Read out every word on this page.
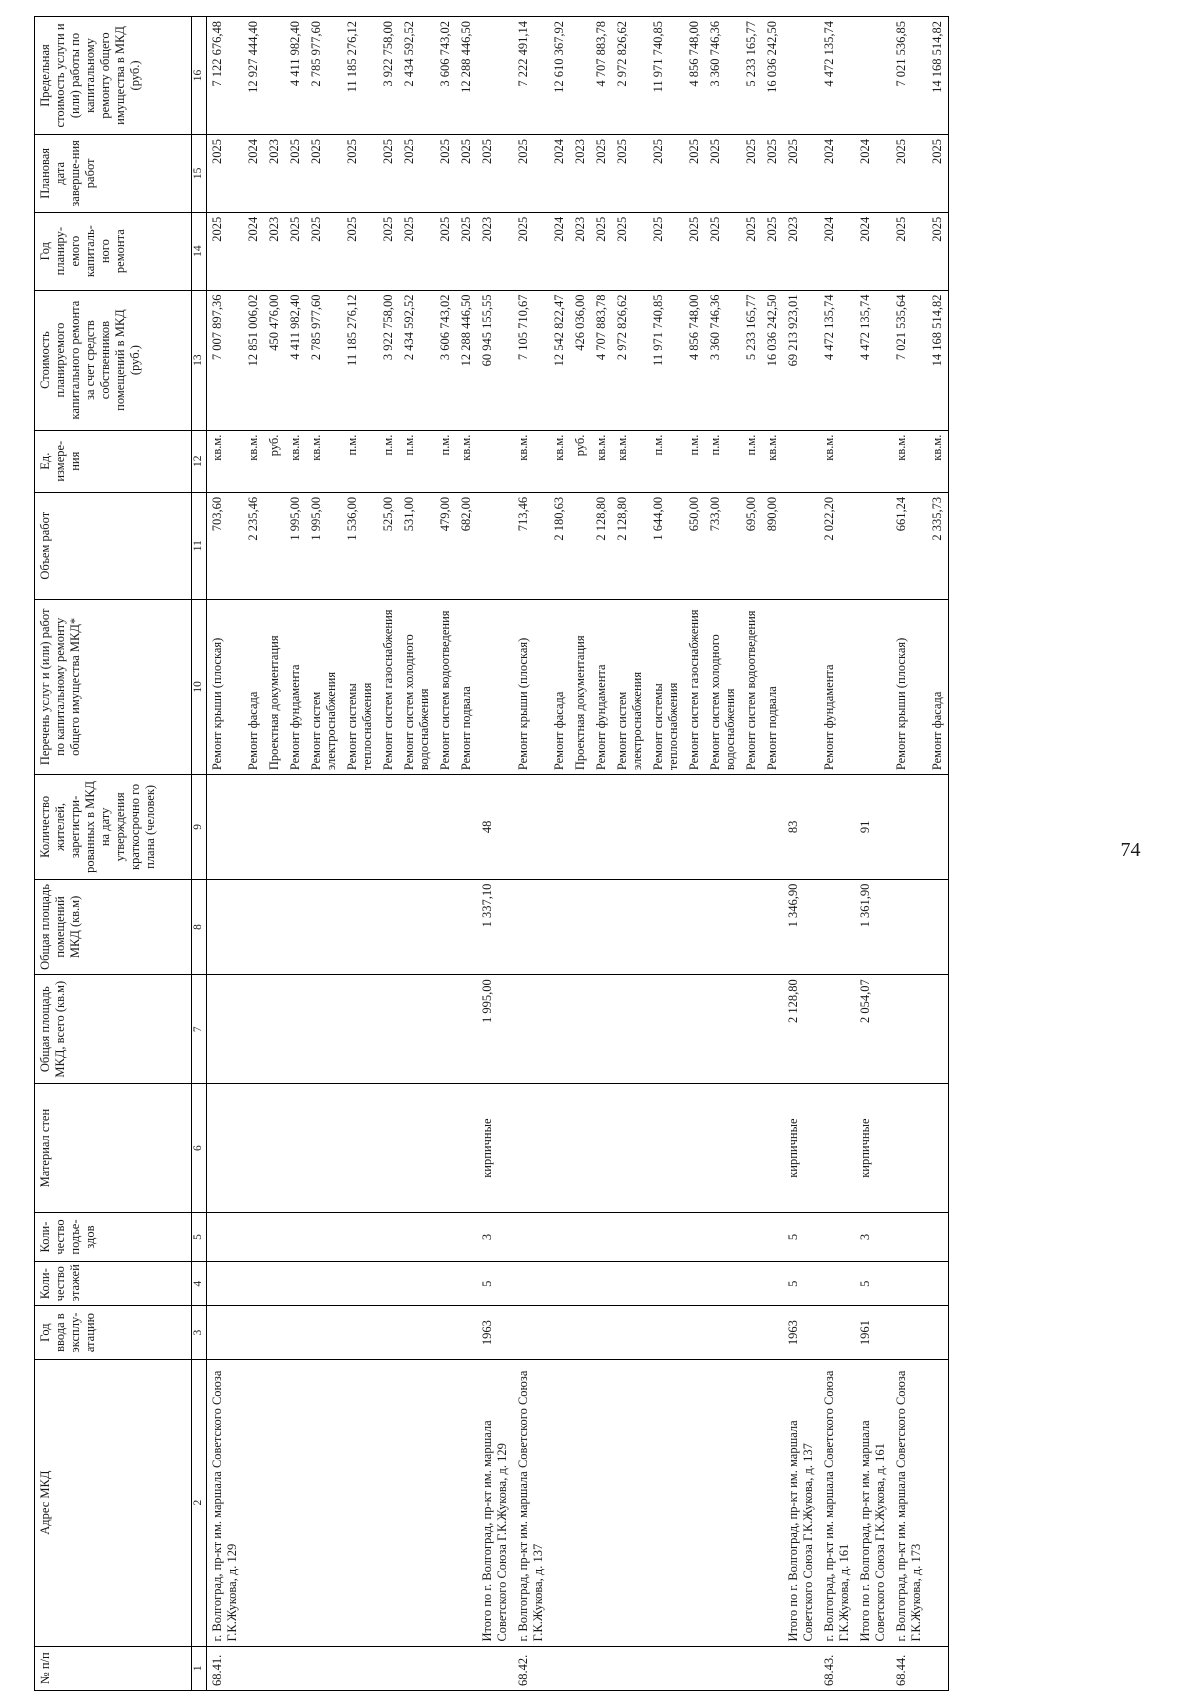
№ п/п	Адрес МКД	Год ввода в эксплу-атацию	Коли-чество этажей	Коли-чество подъе-здов	Материал стен	Общая площадь МКД, всего (кв.м)	Общая площадь помещений МКД (кв.м)	Количество жителей, зарегистри-рованных в МКД на дату утверждения краткосрочно го плана (человек)	Перечень услуг и (или) работ по капитальному ремонту общего имущества МКД*	Объем работ	Ед. измере-ния	Стоимость планируемого капитального ремонта за счет средств собственников помещений в МКД (руб.)	Год планиру-емого капиталь-ного ремонта	Плановая дата заверше-ния работ	Предельная стоимость услуги и (или) работы по капитальному ремонту общего имущества в МКД (руб.)
1	2	3	4	5	6	7	8	9	10	11	12	13	14	15	16
68.41.	г. Волгоград, пр-кт им. маршала Советского Союза Г.К.Жукова, д. 129								Ремонт крыши (плоская)	703,60	кв.м.	7 007 897,36	2025	2025	7 122 676,48
									Ремонт фасада	2 235,46	кв.м.	12 851 006,02	2024	2024	12 927 444,40
									Проектная документация		руб.	450 476,00	2023	2023	
									Ремонт фундамента	1 995,00	кв.м.	4 411 982,40	2025	2025	4 411 982,40
									Ремонт систем электроснабжения	1 995,00	кв.м.	2 785 977,60	2025	2025	2 785 977,60
									Ремонт системы теплоснабжения	1 536,00	п.м.	11 185 276,12	2025	2025	11 185 276,12
									Ремонт систем газоснабжения	525,00	п.м.	3 922 758,00	2025	2025	3 922 758,00
									Ремонт систем холодного водоснабжения	531,00	п.м.	2 434 592,52	2025	2025	2 434 592,52
									Ремонт систем водоотведения	479,00	п.м.	3 606 743,02	2025	2025	3 606 743,02
									Ремонт подвала	682,00	кв.м.	12 288 446,50	2025	2025	12 288 446,50
	Итого по г. Волгоград, пр-кт им. маршала Советского Союза Г.К.Жукова, д. 129	1963	5	3	кирпичные	1 995,00	1 337,10	48				60 945 155,55	2023	2025	
68.42.	г. Волгоград, пр-кт им. маршала Советского Союза Г.К.Жукова, д. 137								Ремонт крыши (плоская)	713,46	кв.м.	7 105 710,67	2025	2025	7 222 491,14
									Ремонт фасада	2 180,63	кв.м.	12 542 822,47	2024	2024	12 610 367,92
									Проектная документация		руб.	426 036,00	2023	2023	
									Ремонт фундамента	2 128,80	кв.м.	4 707 883,78	2025	2025	4 707 883,78
									Ремонт систем электроснабжения	2 128,80	кв.м.	2 972 826,62	2025	2025	2 972 826,62
									Ремонт системы теплоснабжения	1 644,00	п.м.	11 971 740,85	2025	2025	11 971 740,85
									Ремонт систем газоснабжения	650,00	п.м.	4 856 748,00	2025	2025	4 856 748,00
									Ремонт систем холодного водоснабжения	733,00	п.м.	3 360 746,36	2025	2025	3 360 746,36
									Ремонт систем водоотведения	695,00	п.м.	5 233 165,77	2025	2025	5 233 165,77
									Ремонт подвала	890,00	кв.м.	16 036 242,50	2025	2025	16 036 242,50
	Итого по г. Волгоград, пр-кт им. маршала Советского Союза Г.К.Жукова, д. 137	1963	5	5	кирпичные	2 128,80	1 346,90	83				69 213 923,01	2023	2025	
68.43.	г. Волгоград, пр-кт им. маршала Советского Союза Г.К.Жукова, д. 161								Ремонт фундамента	2 022,20	кв.м.	4 472 135,74	2024	2024	4 472 135,74
	Итого по г. Волгоград, пр-кт им. маршала Советского Союза Г.К.Жукова, д. 161	1961	5	3	кирпичные	2 054,07	1 361,90	91				4 472 135,74	2024	2024	
68.44.	г. Волгоград, пр-кт им. маршала Советского Союза Г.К.Жукова, д. 173								Ремонт крыши (плоская)	661,24	кв.м.	7 021 535,64	2025	2025	7 021 536,85
									Ремонт фасада	2 335,73	кв.м.	14 168 514,82	2025	2025	14 168 514,82
74
